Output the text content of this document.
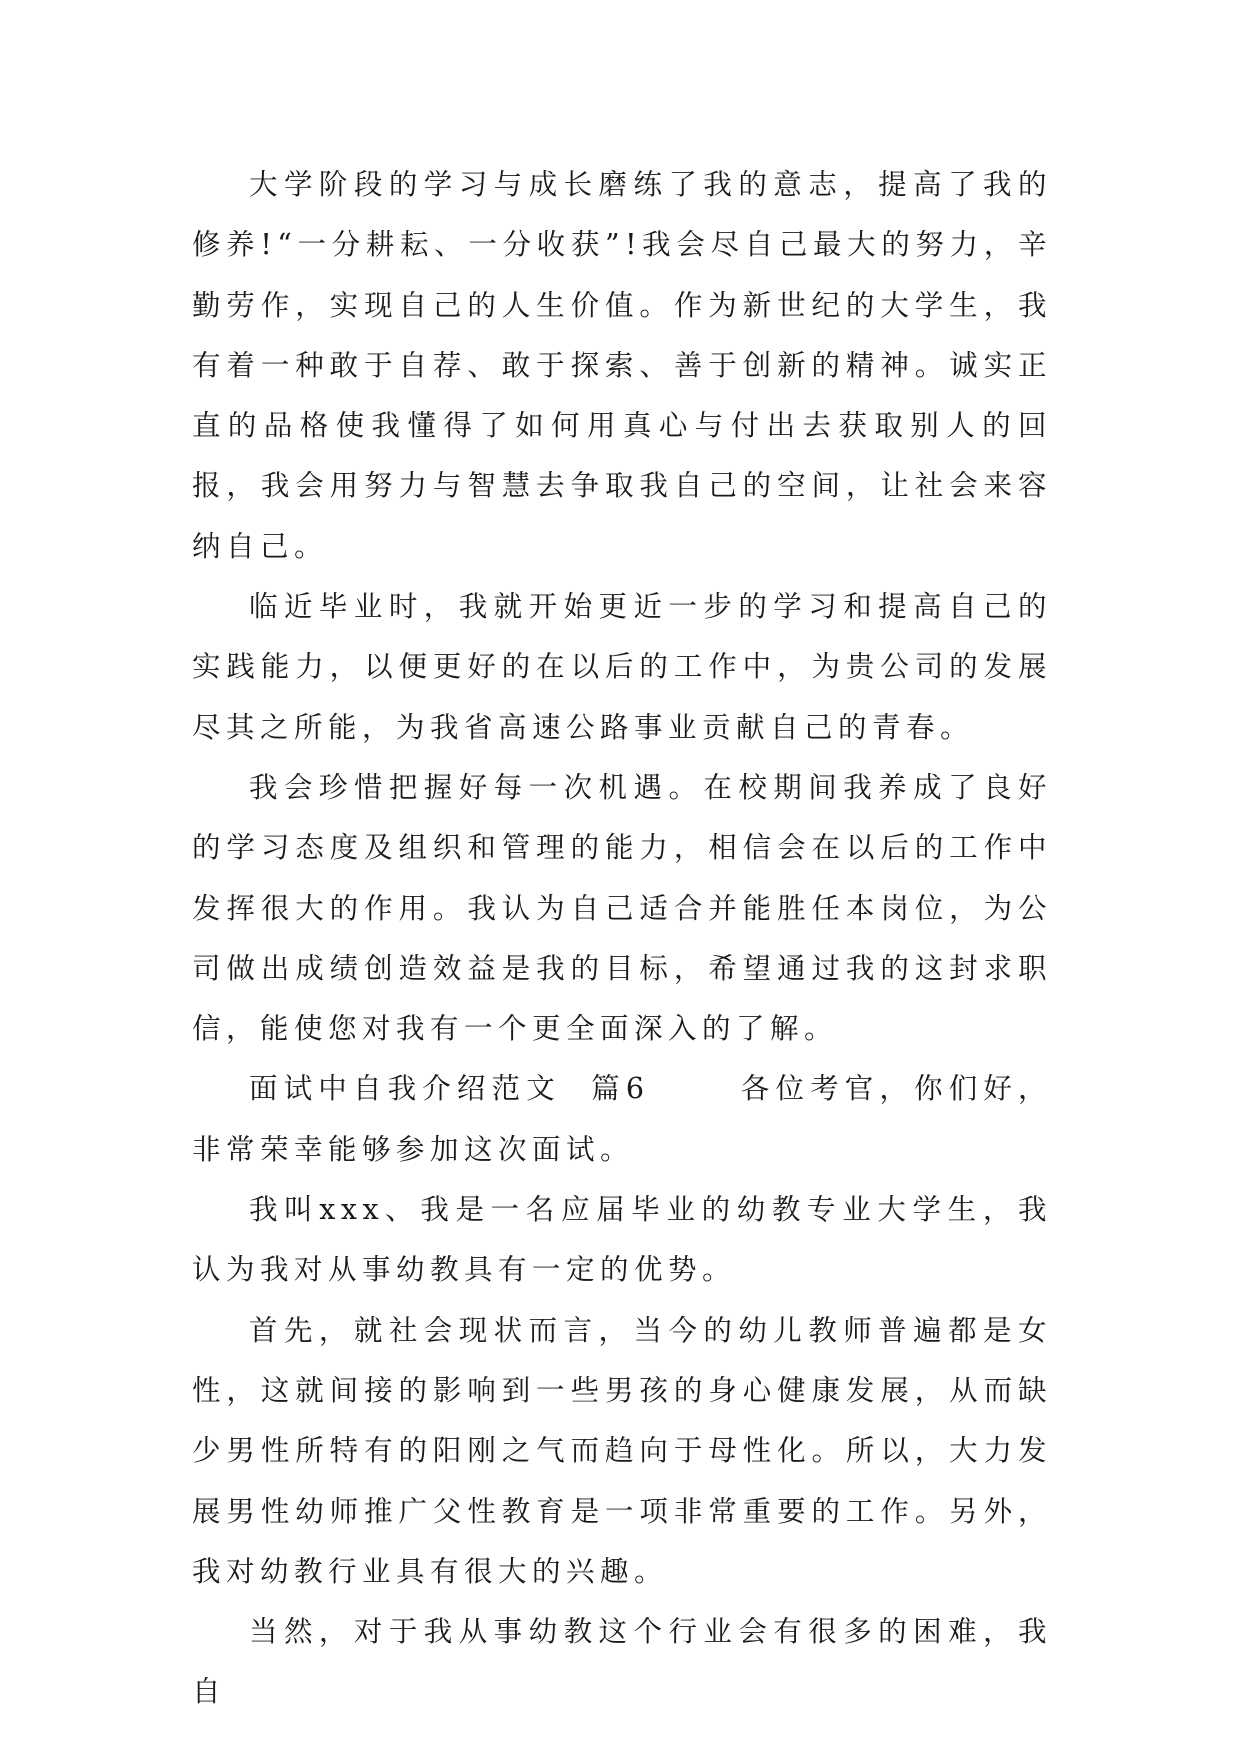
大学阶段的学习与成长磨练了我的意志，提高了我的修养!“一分耕耘、一分收获”!我会尽自己最大的努力，辛勤劳作，实现自己的人生价值。作为新世纪的大学生，我有着一种敢于自荐、敢于探索、善于创新的精神。诚实正直的品格使我懂得了如何用真心与付出去获取别人的回报，我会用努力与智慧去争取我自己的空间，让社会来容纳自己。

临近毕业时，我就开始更近一步的学习和提高自己的实践能力，以便更好的在以后的工作中，为贵公司的发展尽其之所能，为我省高速公路事业贡献自己的青春。

我会珍惜把握好每一次机遇。在校期间我养成了良好的学习态度及组织和管理的能力，相信会在以后的工作中发挥很大的作用。我认为自己适合并能胜任本岗位，为公司做出成绩创造效益是我的目标，希望通过我的这封求职信，能使您对我有一个更全面深入的了解。

面试中自我介绍范文  篇6      各位考官，你们好，非常荣幸能够参加这次面试。

我叫xxx、我是一名应届毕业的幼教专业大学生，我认为我对从事幼教具有一定的优势。

首先，就社会现状而言，当今的幼儿教师普遍都是女性，这就间接的影响到一些男孩的身心健康发展，从而缺少男性所特有的阳刚之气而趋向于母性化。所以，大力发展男性幼师推广父性教育是一项非常重要的工作。另外，我对幼教行业具有很大的兴趣。

当然，对于我从事幼教这个行业会有很多的困难，我自
